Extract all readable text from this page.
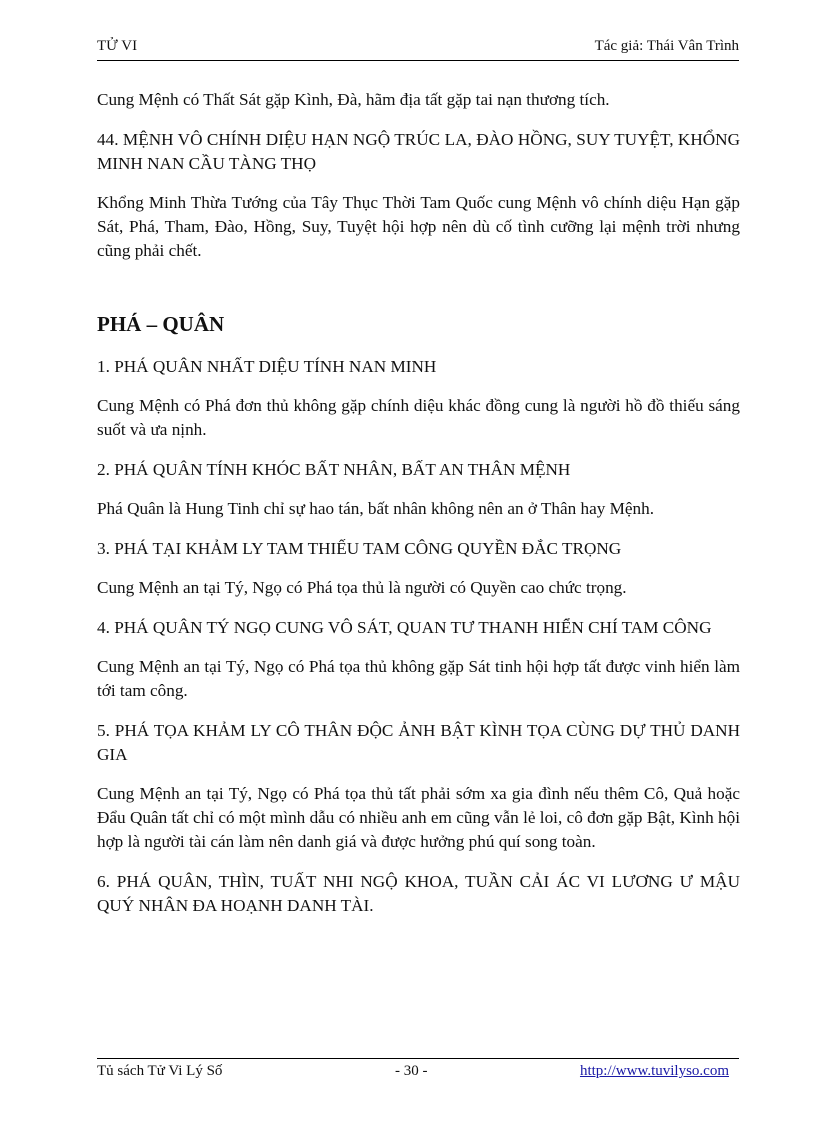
TỬ VI	Tác giả: Thái Vân Trình

Cung Mệnh có Thất Sát gặp Kình, Đà, hãm địa tất gặp tai nạn thương tích.

44. MỆNH VÔ CHÍNH DIỆU HẠN NGỘ TRÚC LA, ĐÀO HỒNG, SUY TUYỆT, KHỔNG MINH NAN CẦU TÀNG THỌ

Khổng Minh Thừa Tướng của Tây Thục Thời Tam Quốc cung Mệnh vô chính diệu Hạn gặp Sát, Phá, Tham, Đào, Hồng, Suy, Tuyệt hội hợp nên dù cố tình cưỡng lại mệnh trời nhưng cũng phải chết.

PHÁ – QUÂN

1. PHÁ QUÂN NHẤT DIỆU TÍNH NAN MINH

Cung Mệnh có Phá đơn thủ không gặp chính diệu khác đồng cung là người hồ đồ thiếu sáng suốt và ưa nịnh.

2. PHÁ QUÂN TÍNH KHÓC BẤT NHÂN, BẤT AN THÂN MỆNH

Phá Quân là Hung Tinh chỉ sự hao tán, bất nhân không nên an ở Thân hay Mệnh.

3. PHÁ TẠI KHẢM LY TAM THIẾU TAM CÔNG QUYỀN ĐẮC TRỌNG

Cung Mệnh an tại Tý, Ngọ có Phá tọa thủ là người có Quyền cao chức trọng.

4. PHÁ QUÂN TÝ NGỌ CUNG VÔ SÁT, QUAN TƯ THANH HIỂN CHÍ TAM CÔNG

Cung Mệnh an tại Tý, Ngọ có Phá tọa thủ không gặp Sát tinh hội hợp tất được vinh hiển làm tới tam công.

5. PHÁ TỌA KHẢM LY CÔ THÂN ĐỘC ẢNH BẬT KÌNH TỌA CÙNG DỰ THỦ DANH GIA

Cung Mệnh an tại Tý, Ngọ có Phá tọa thủ tất phải sớm xa gia đình nếu thêm Cô, Quả hoặc Đẩu Quân tất chỉ có một mình dẫu có nhiều anh em cũng vẫn lẻ loi, cô đơn gặp Bật, Kình hội hợp là người tài cán làm nên danh giá và được hưởng phú quí song toàn.

6. PHÁ QUÂN, THÌN, TUẤT NHI NGỘ KHOA, TUẦN CẢI ÁC VI LƯƠNG Ư MẬU QUÝ NHÂN ĐA HOẠNH DANH TÀI.

Tủ sách Tử Vi Lý Số	- 30 -	http://www.tuvilyso.com
